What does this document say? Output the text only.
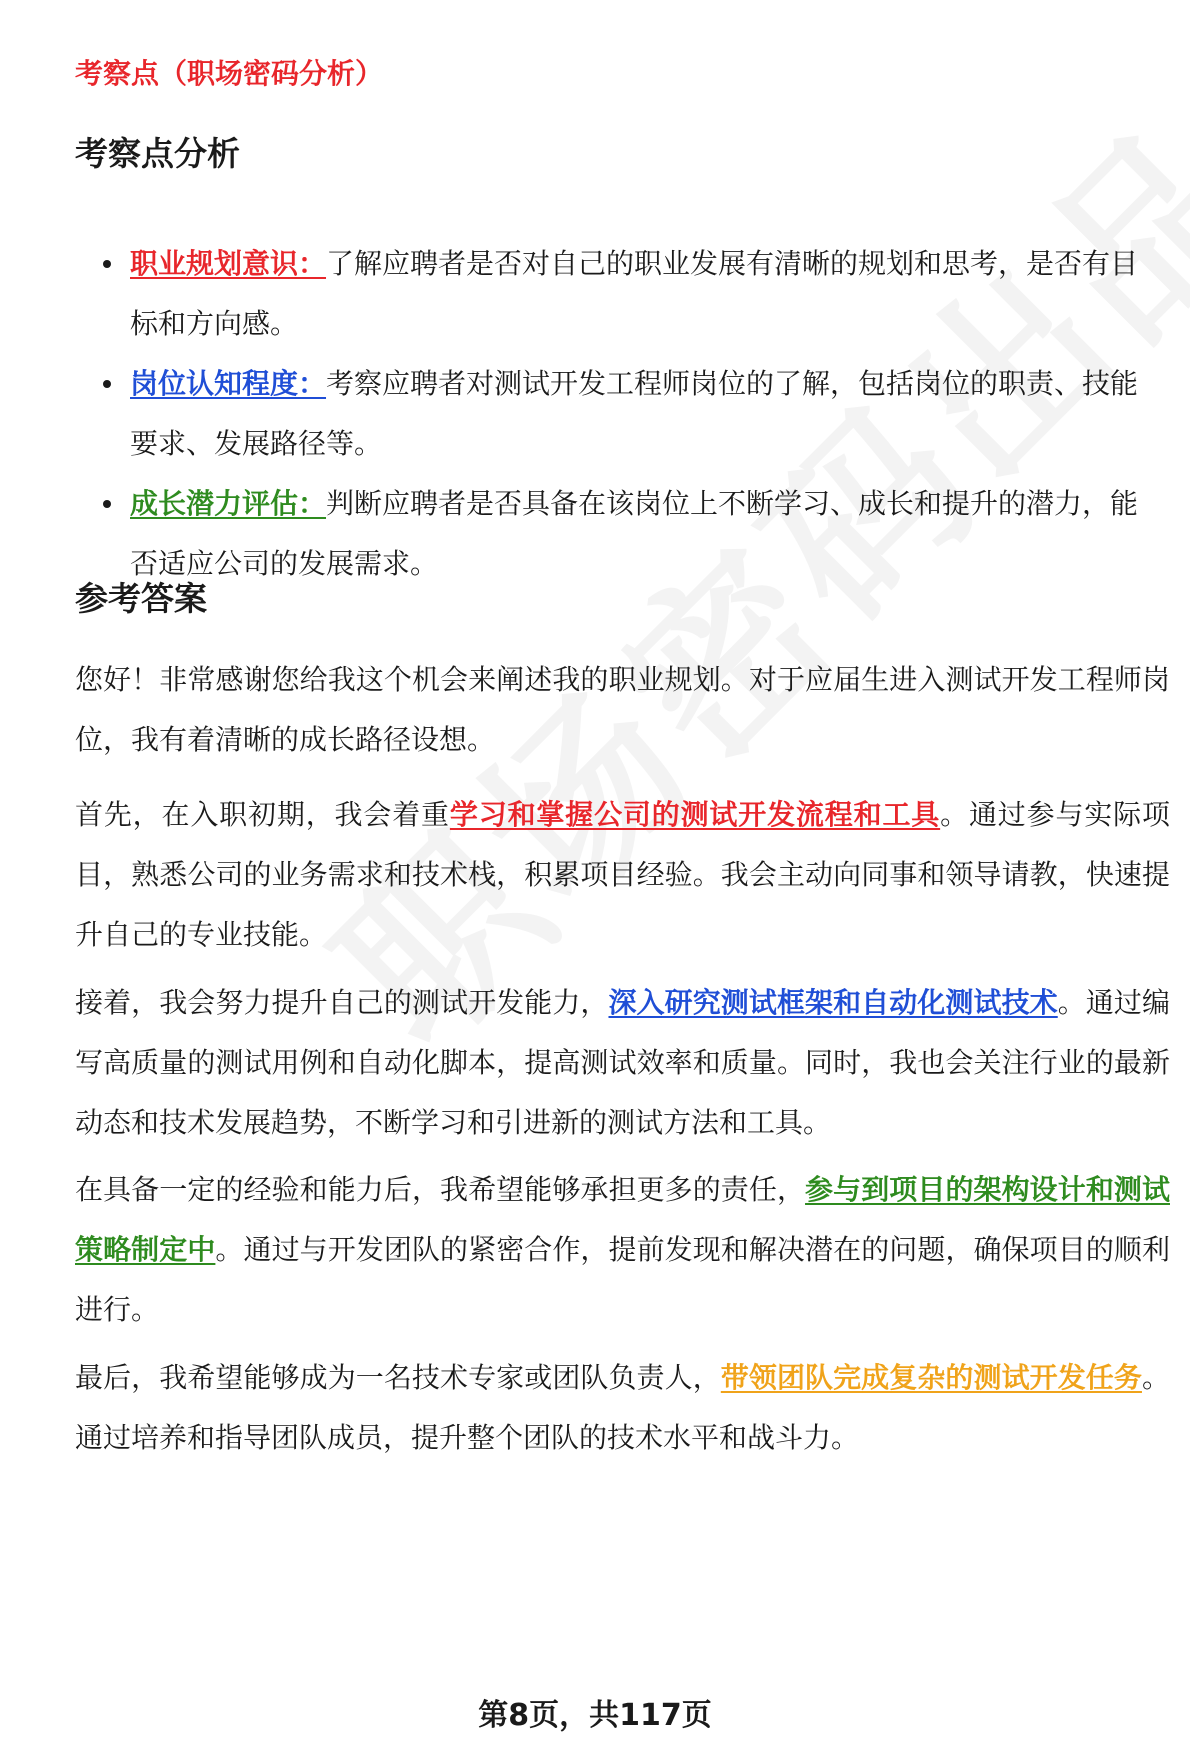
考察点（职场密码分析）
考察点分析
职业规划意识：了解应聘者是否对自己的职业发展有清晰的规划和思考，是否有目标和方向感。
岗位认知程度：考察应聘者对测试开发工程师岗位的了解，包括岗位的职责、技能要求、发展路径等。
成长潜力评估：判断应聘者是否具备在该岗位上不断学习、成长和提升的潜力，能否适应公司的发展需求。
参考答案

您好！非常感谢您给我这个机会来阐述我的职业规划。对于应届生进入测试开发工程师岗位，我有着清晰的成长路径设想。

首先，在入职初期，我会着重学习和掌握公司的测试开发流程和工具。通过参与实际项目，熟悉公司的业务需求和技术栈，积累项目经验。我会主动向同事和领导请教，快速提升自己的专业技能。

接着，我会努力提升自己的测试开发能力，深入研究测试框架和自动化测试技术。通过编写高质量的测试用例和自动化脚本，提高测试效率和质量。同时，我也会关注行业的最新动态和技术发展趋势，不断学习和引进新的测试方法和工具。

在具备一定的经验和能力后，我希望能够承担更多的责任，参与到项目的架构设计和测试策略制定中。通过与开发团队的紧密合作，提前发现和解决潜在的问题，确保项目的顺利进行。

最后，我希望能够成为一名技术专家或团队负责人，带领团队完成复杂的测试开发任务。通过培养和指导团队成员，提升整个团队的技术水平和战斗力。

第8页，共117页
